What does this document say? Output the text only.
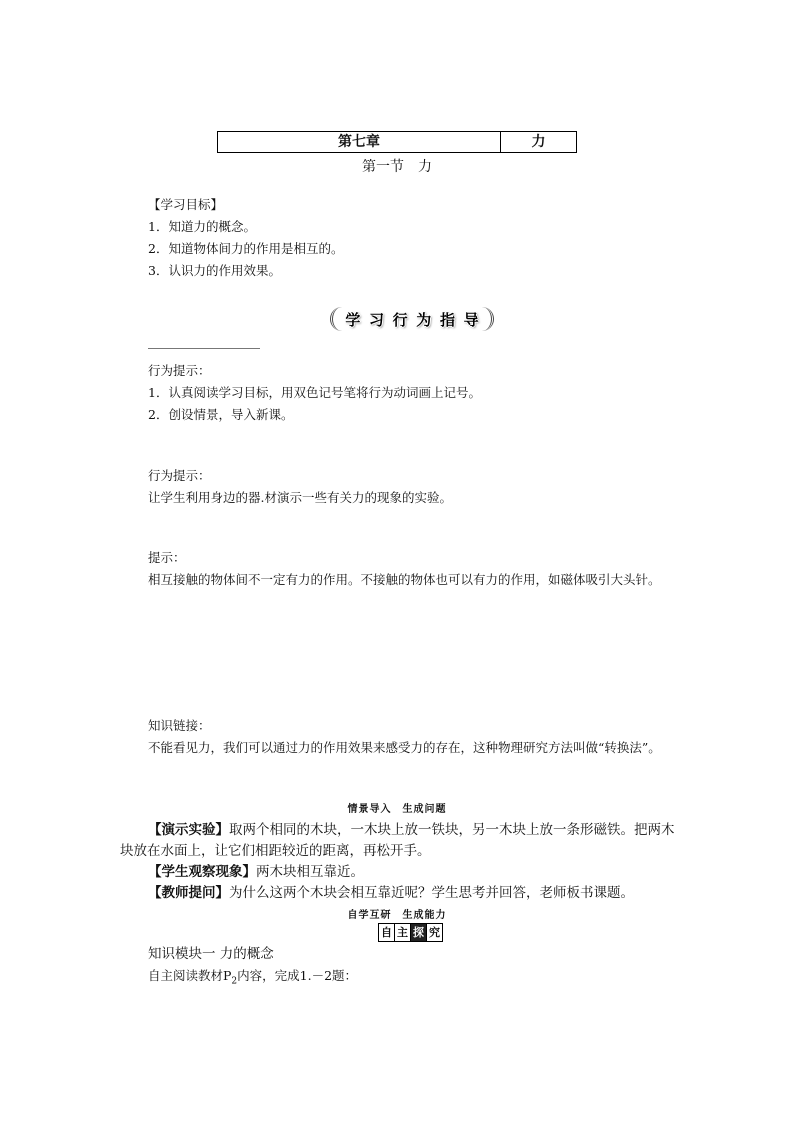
第七章	力
第一节　力
【学习目标】
1．知道力的概念。
2．知道物体间力的作用是相互的。
3．认识力的作用效果。
学 习 行 为 指 导
行为提示：
1．认真阅读学习目标，用双色记号笔将行为动词画上记号。
2．创设情景，导入新课。
行为提示：
让学生利用身边的器.材演示一些有关力的现象的实验。
提示：
相互接触的物体间不一定有力的作用。不接触的物体也可以有力的作用，如磁体吸引大头针。
知识链接：
不能看见力，我们可以通过力的作用效果来感受力的存在，这种物理研究方法叫做“转换法”。
情景导入　生成问题
【演示实验】取两个相同的木块，一木块上放一铁块，另一木块上放一条形磁铁。把两木块放在水面上，让它们相距较近的距离，再松开手。
【学生观察现象】两木块相互靠近。
【教师提问】为什么这两个木块会相互靠近呢？学生思考并回答，老师板书课题。
自学互研　生成能力
自 主 探 究
知识模块一 力的概念
自主阅读教材$P_2$内容，完成1.－2题：
